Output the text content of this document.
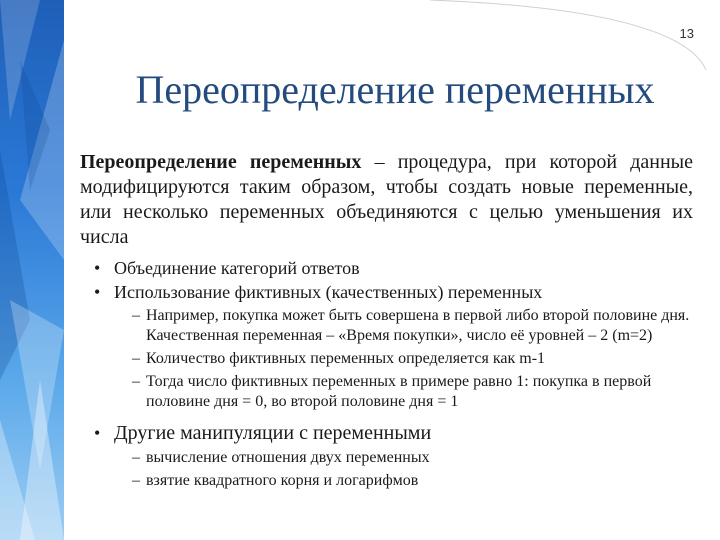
13
Переопределение переменных

Переопределение переменных – процедура, при которой данные модифицируются таким образом, чтобы создать новые переменные, или несколько переменных объединяются с целью уменьшения их числа

• Объединение категорий ответов
• Использование фиктивных (качественных) переменных
– Например, покупка может быть совершена в первой либо второй половине дня. Качественная переменная – «Время покупки», число её уровней – 2 (m=2)
– Количество фиктивных переменных определяется как m-1
– Тогда число фиктивных переменных в примере равно 1: покупка в первой половине дня = 0, во второй половине дня = 1
• Другие манипуляции с переменными
– вычисление отношения двух переменных
– взятие квадратного корня и логарифмов
